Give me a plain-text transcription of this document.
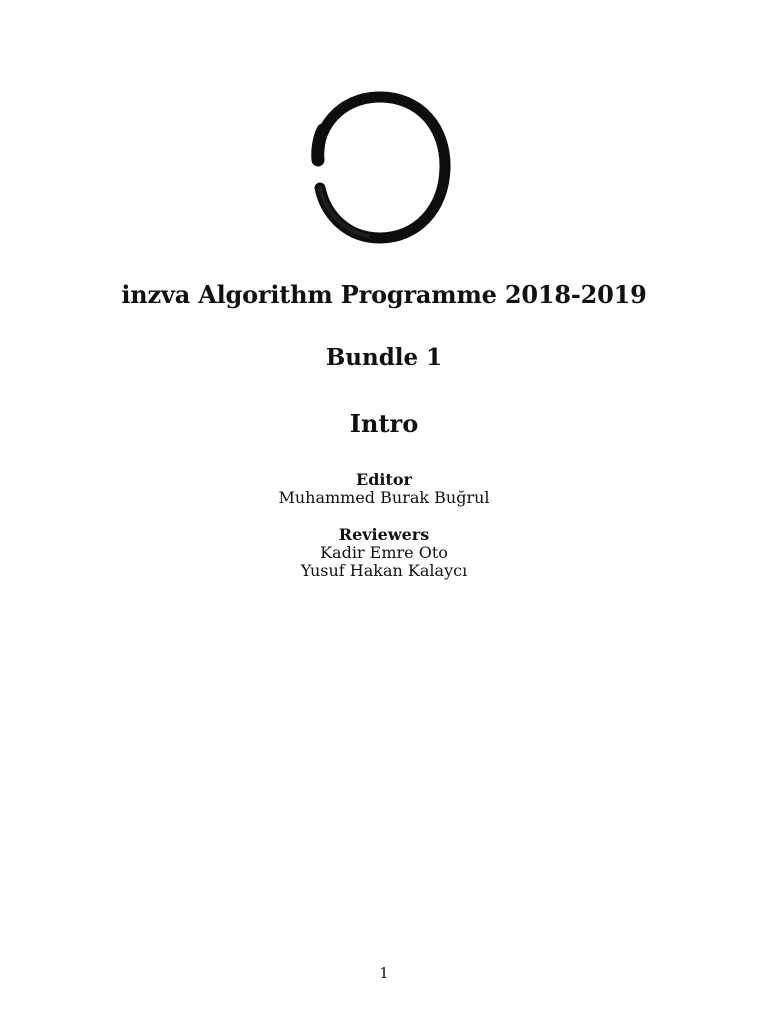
inzva Algorithm Programme 2018-2019
Bundle 1
Intro
Editor
Muhammed Burak Buğrul
Reviewers
Kadir Emre Oto
Yusuf Hakan Kalaycı
1
